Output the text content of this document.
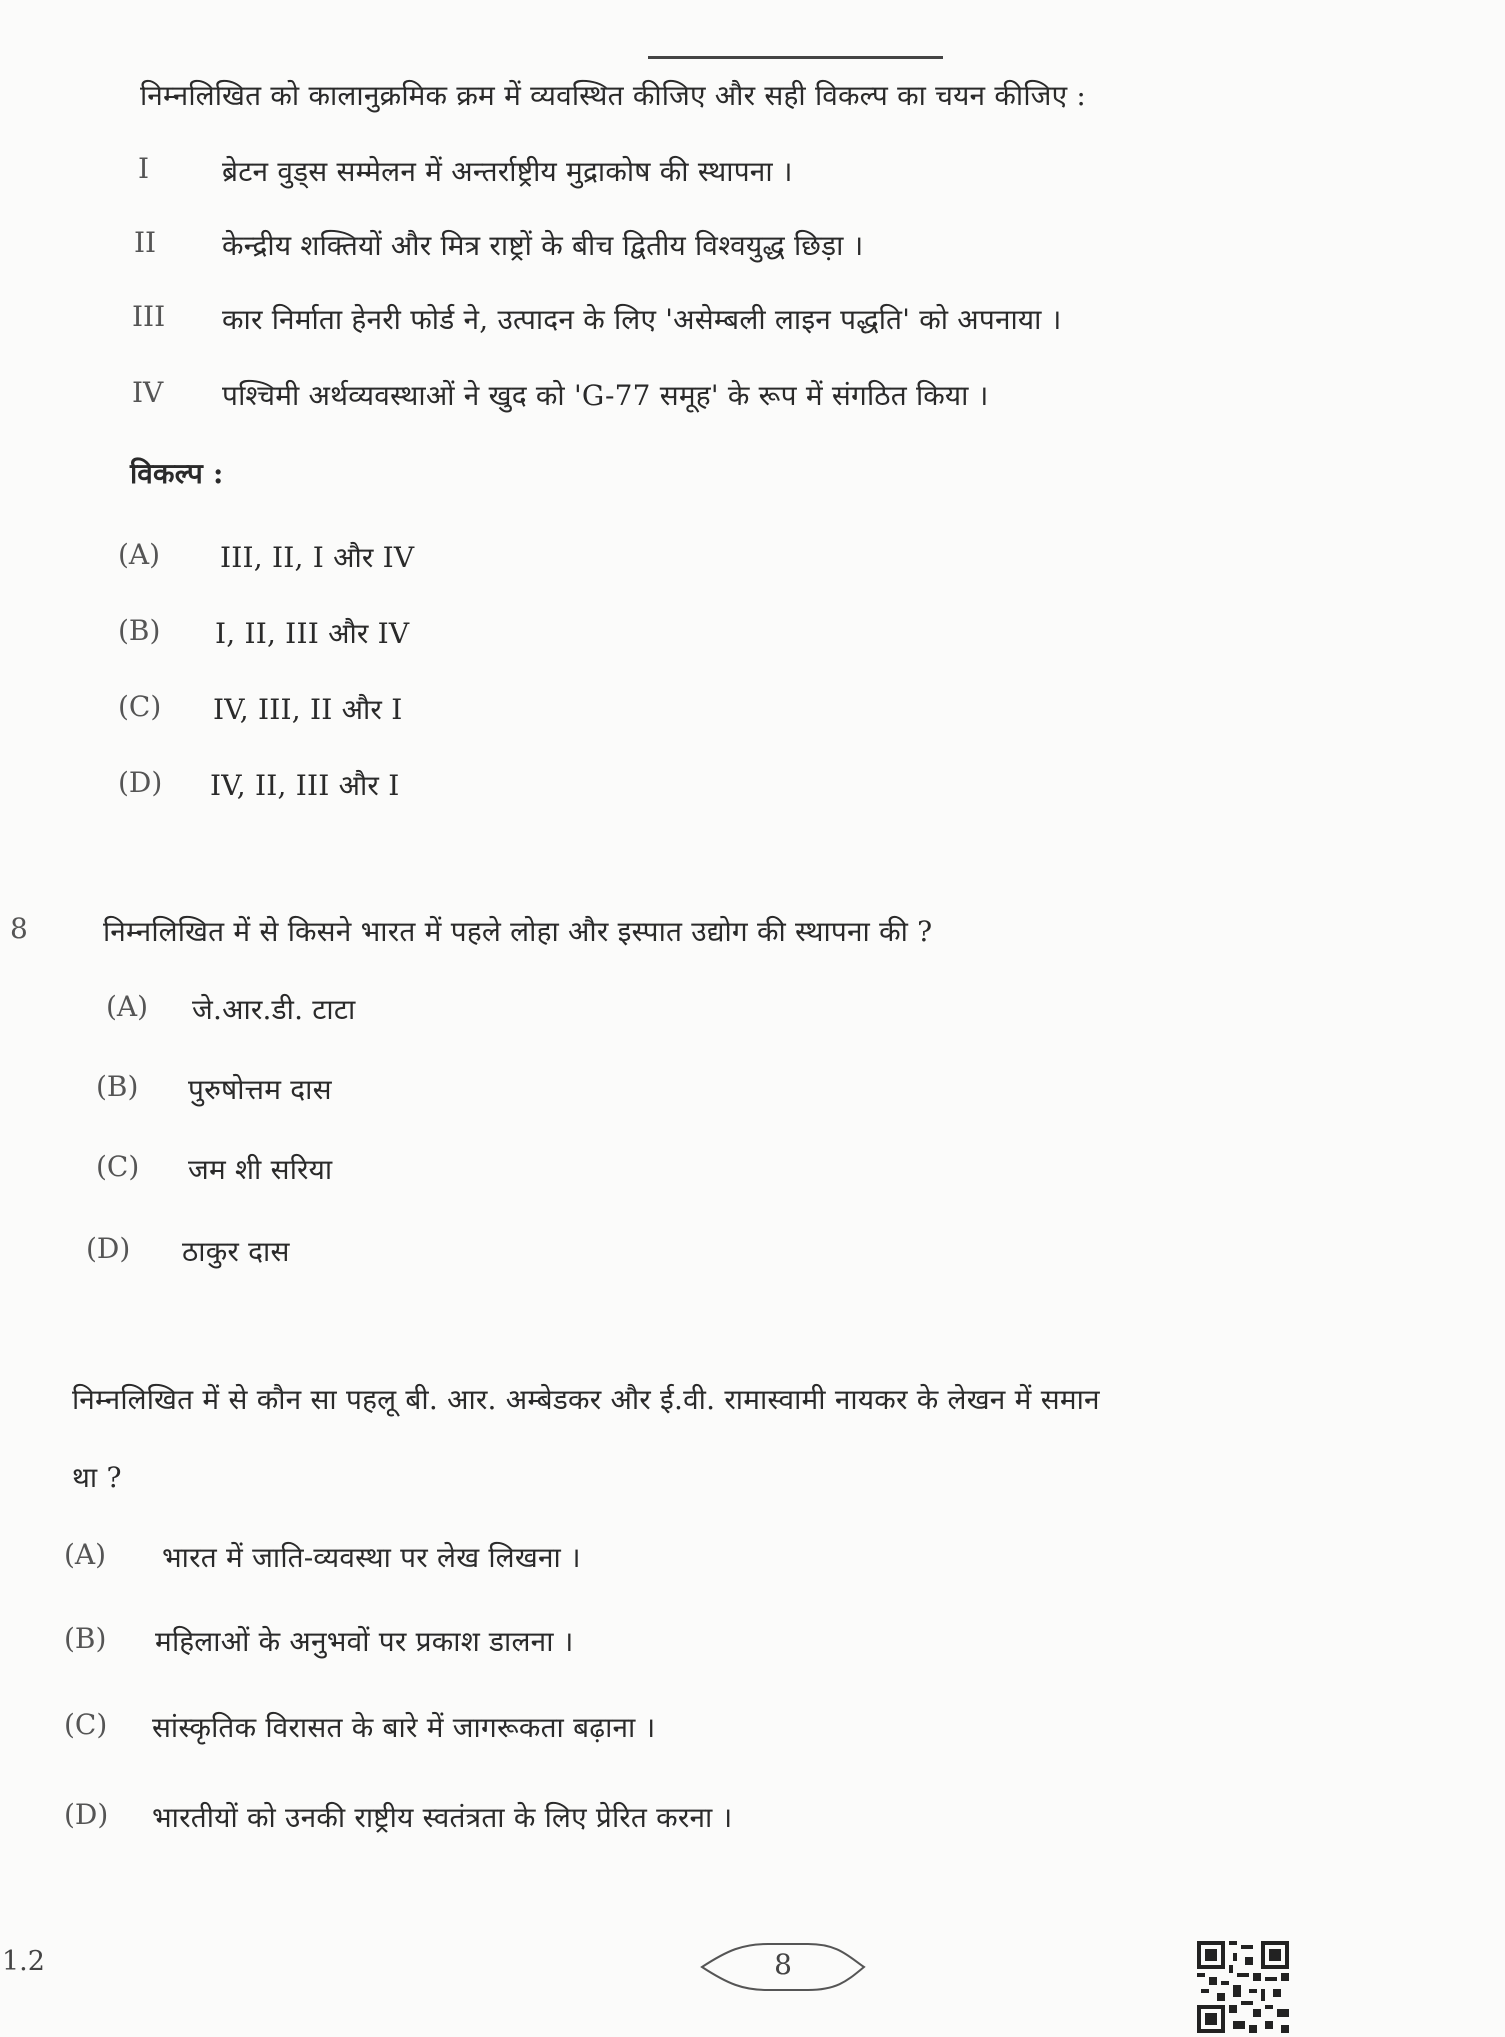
निम्नलिखित को कालानुक्रमिक क्रम में व्यवस्थित कीजिए और सही विकल्प का चयन कीजिए :
I	ब्रेटन वुड्स सम्मेलन में अन्तर्राष्ट्रीय मुद्राकोष की स्थापना ।
II केन्द्रीय शक्तियों और मित्र राष्ट्रों के बीच द्वितीय विश्वयुद्ध छिड़ा ।
III कार निर्माता हेनरी फोर्ड ने, उत्पादन के लिए 'असेम्बली लाइन पद्धति' को अपनाया ।
IV पश्चिमी अर्थव्यवस्थाओं ने खुद को 'G-77 समूह' के रूप में संगठित किया ।
विकल्प :
(A) III, II, I और IV
(B) I, II, III और IV
(C) IV, III, II और I
(D) IV, II, III और I
8	निम्नलिखित में से किसने भारत में पहले लोहा और इस्पात उद्योग की स्थापना की ?
(A) जे.आर.डी. टाटा
(B) पुरुषोत्तम दास
(C) जम शी सरिया
(D) ठाकुर दास
निम्नलिखित में से कौन सा पहलू बी. आर. अम्बेडकर और ई.वी. रामास्वामी नायकर के लेखन में समान
था ?
(A) भारत में जाति-व्यवस्था पर लेख लिखना ।
(B) महिलाओं के अनुभवों पर प्रकाश डालना ।
(C) सांस्कृतिक विरासत के बारे में जागरूकता बढ़ाना ।
(D) भारतीयों को उनकी राष्ट्रीय स्वतंत्रता के लिए प्रेरित करना ।
1.2	8
